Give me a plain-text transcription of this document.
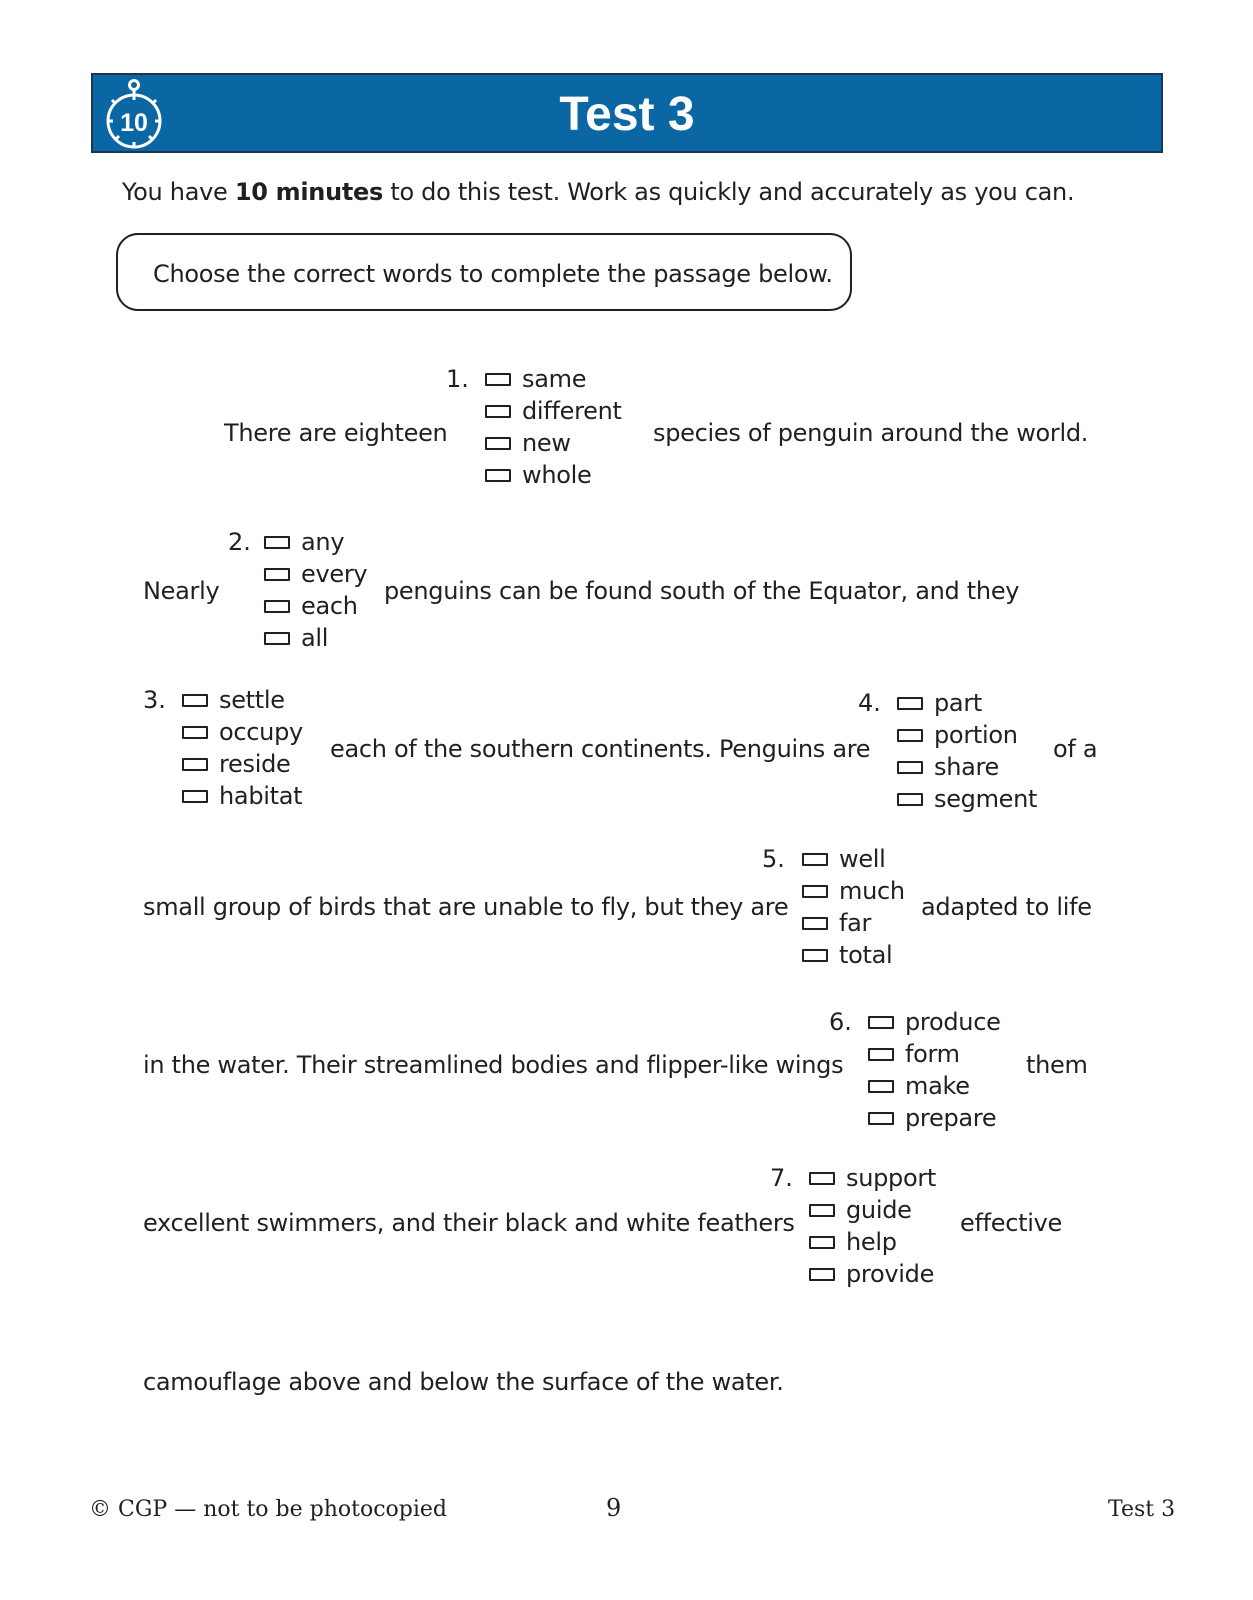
10	Test 3
You have 10 minutes to do this test. Work as quickly and accurately as you can.
Choose the correct words to complete the passage below.
There are eighteen	species of penguin around the world.
Nearly	penguins can be found south of the Equator, and they
each of the southern continents. Penguins are	of a
small group of birds that are unable to fly, but they are	adapted to life
in the water. Their streamlined bodies and flipper-like wings	them
excellent swimmers, and their black and white feathers	effective
camouflage above and below the surface of the water.
1. same
different
new
whole
2. any
every
each
all
3. settle
occupy
reside
habitat
4. part
portion
share
segment
5. well
much
far
total
6. produce
form
make
prepare
7. support
guide
help
provide
© CGP — not to be photocopied	9	Test 3
